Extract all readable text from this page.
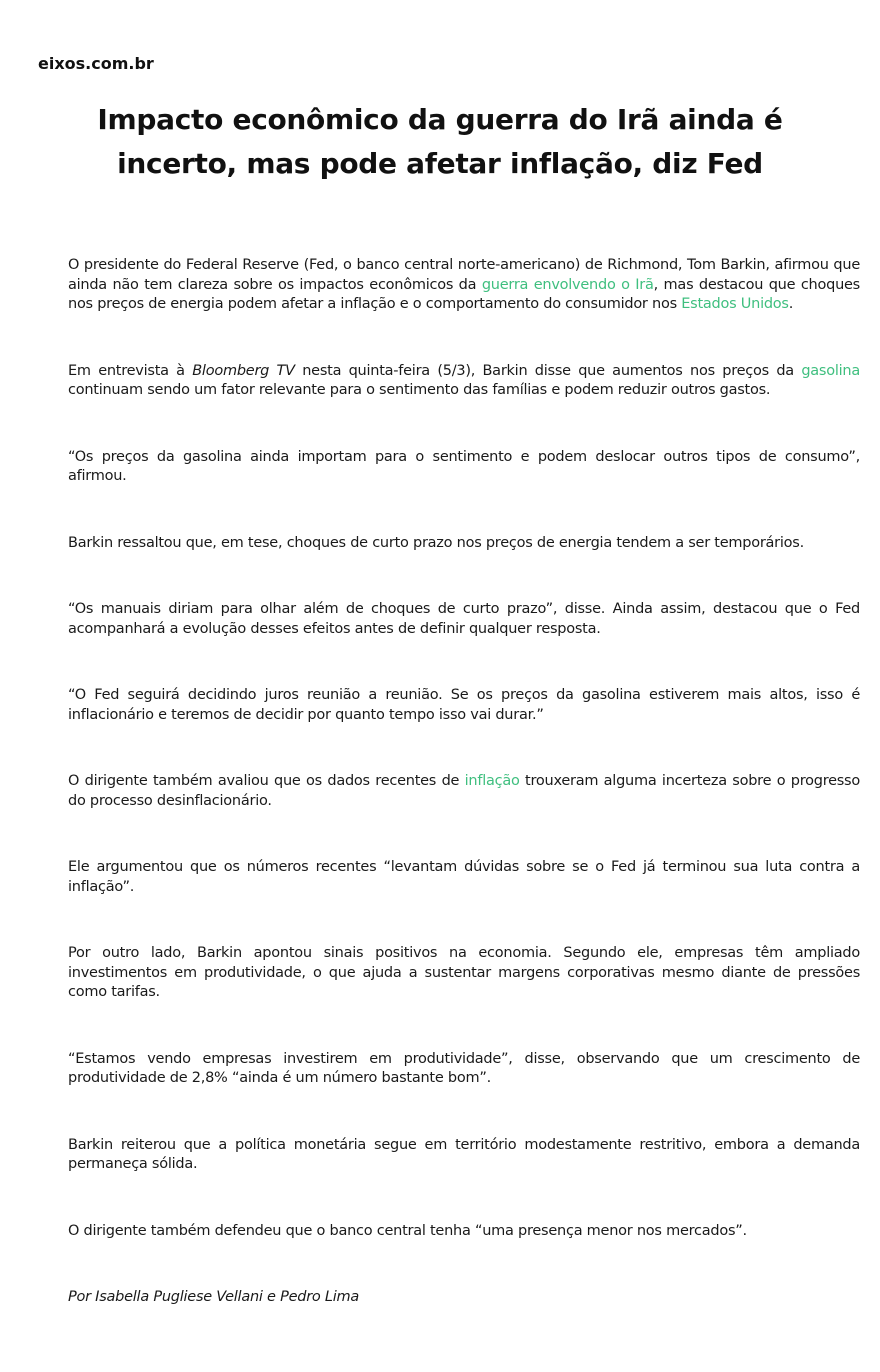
eixos.com.br
Impacto econômico da guerra do Irã ainda é incerto, mas pode afetar inflação, diz Fed

O presidente do Federal Reserve (Fed, o banco central norte-americano) de Richmond, Tom Barkin, afirmou que ainda não tem clareza sobre os impactos econômicos da guerra envolvendo o Irã, mas destacou que choques nos preços de energia podem afetar a inflação e o comportamento do consumidor nos Estados Unidos.

Em entrevista à Bloomberg TV nesta quinta-feira (5/3), Barkin disse que aumentos nos preços da gasolina continuam sendo um fator relevante para o sentimento das famílias e podem reduzir outros gastos.

“Os preços da gasolina ainda importam para o sentimento e podem deslocar outros tipos de consumo”, afirmou.

Barkin ressaltou que, em tese, choques de curto prazo nos preços de energia tendem a ser temporários.

“Os manuais diriam para olhar além de choques de curto prazo”, disse. Ainda assim, destacou que o Fed acompanhará a evolução desses efeitos antes de definir qualquer resposta.

“O Fed seguirá decidindo juros reunião a reunião. Se os preços da gasolina estiverem mais altos, isso é inflacionário e teremos de decidir por quanto tempo isso vai durar.”

O dirigente também avaliou que os dados recentes de inflação trouxeram alguma incerteza sobre o progresso do processo desinflacionário.

Ele argumentou que os números recentes “levantam dúvidas sobre se o Fed já terminou sua luta contra a inflação”.

Por outro lado, Barkin apontou sinais positivos na economia. Segundo ele, empresas têm ampliado investimentos em produtividade, o que ajuda a sustentar margens corporativas mesmo diante de pressões como tarifas.

“Estamos vendo empresas investirem em produtividade”, disse, observando que um crescimento de produtividade de 2,8% “ainda é um número bastante bom”.

Barkin reiterou que a política monetária segue em território modestamente restritivo, embora a demanda permaneça sólida.

O dirigente também defendeu que o banco central tenha “uma presença menor nos mercados”.

Por Isabella Pugliese Vellani e Pedro Lima
